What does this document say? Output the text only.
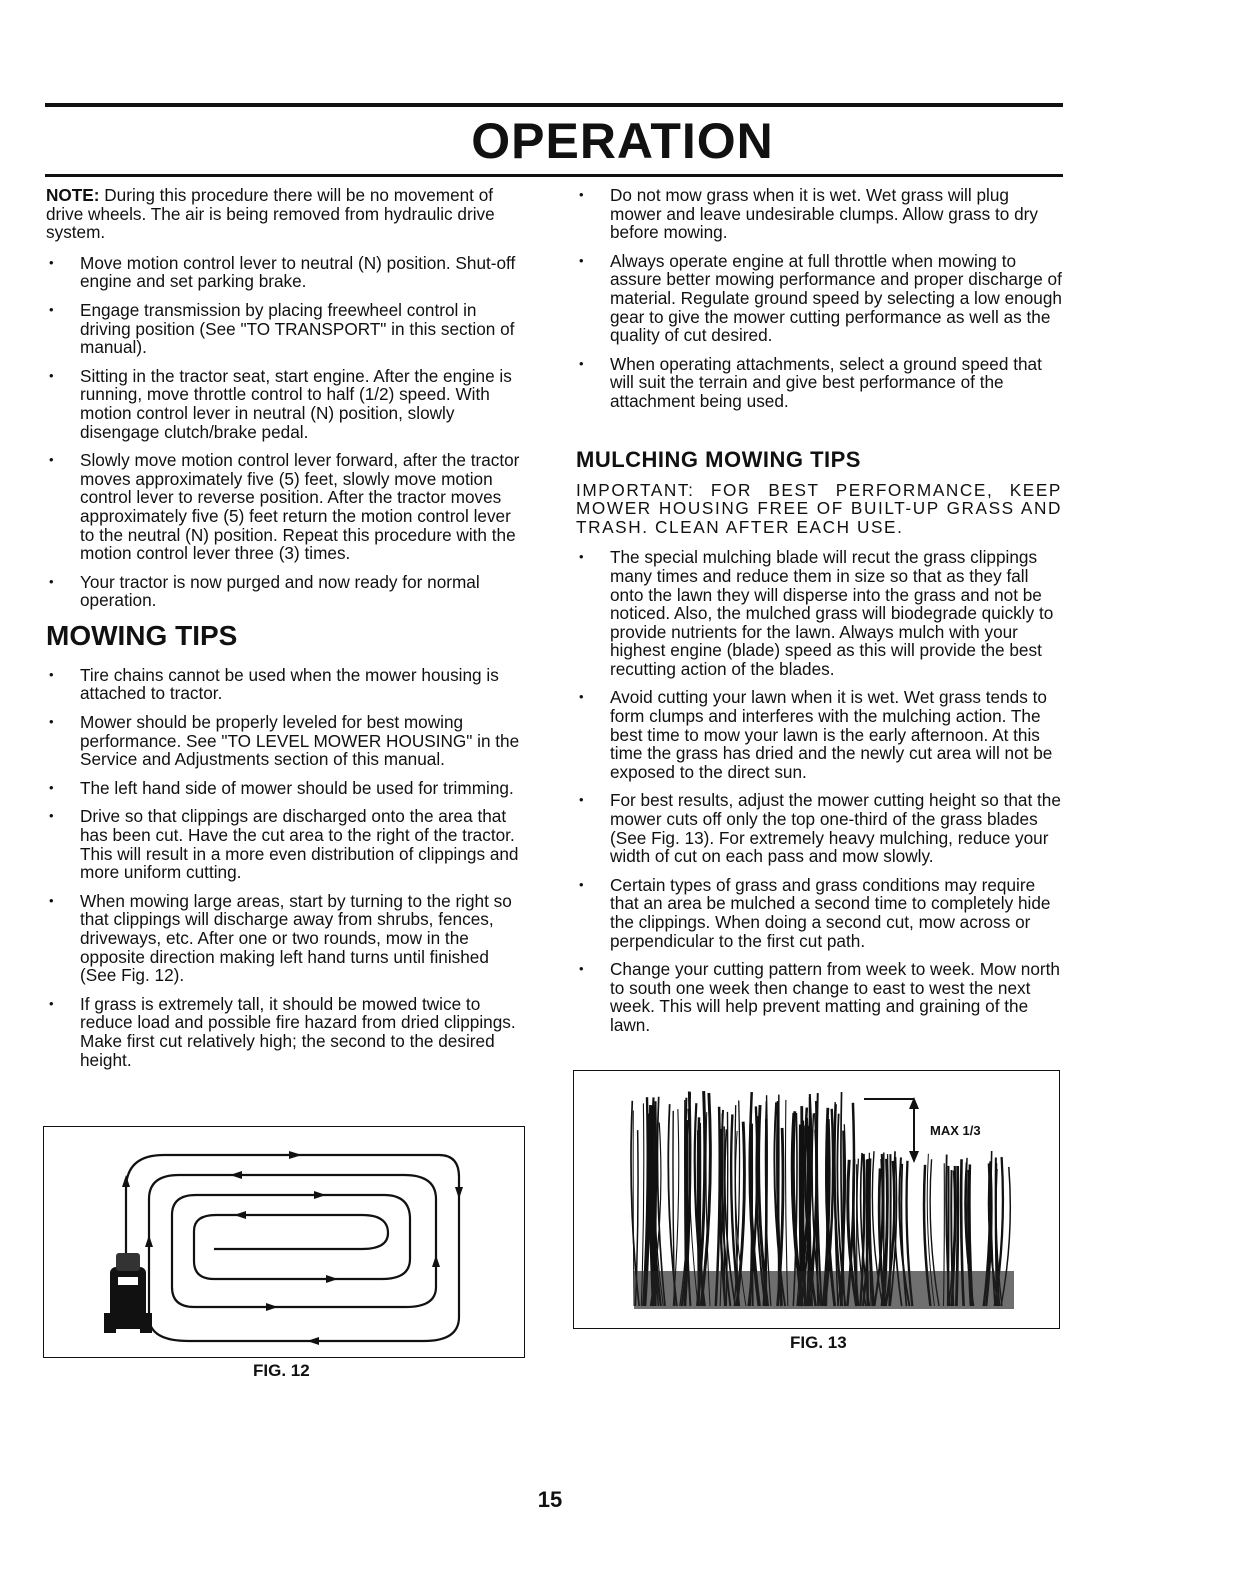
OPERATION

NOTE: During this procedure there will be no movement of drive wheels. The air is being removed from hydraulic drive system.

• Move motion control lever to neutral (N) position. Shut-off engine and set parking brake.
• Engage transmission by placing freewheel control in driving position (See "TO TRANSPORT" in this section of manual).
• Sitting in the tractor seat, start engine. After the engine is running, move throttle control to half (1/2) speed. With motion control lever in neutral (N) position, slowly disengage clutch/brake pedal.
• Slowly move motion control lever forward, after the tractor moves approximately five (5) feet, slowly move motion control lever to reverse position. After the tractor moves approximately five (5) feet return the motion control lever to the neutral (N) position. Repeat this procedure with the motion control lever three (3) times.
• Your tractor is now purged and now ready for normal operation.
MOWING TIPS
• Tire chains cannot be used when the mower housing is attached to tractor.
• Mower should be properly leveled for best mowing performance. See "TO LEVEL MOWER HOUSING" in the Service and Adjustments section of this manual.
• The left hand side of mower should be used for trimming.
• Drive so that clippings are discharged onto the area that has been cut. Have the cut area to the right of the tractor. This will result in a more even distribution of clippings and more uniform cutting.
• When mowing large areas, start by turning to the right so that clippings will discharge away from shrubs, fences, driveways, etc. After one or two rounds, mow in the opposite direction making left hand turns until finished (See Fig. 12).
• If grass is extremely tall, it should be mowed twice to reduce load and possible fire hazard from dried clippings. Make first cut relatively high; the second to the desired height.
• Do not mow grass when it is wet. Wet grass will plug mower and leave undesirable clumps. Allow grass to dry before mowing.
• Always operate engine at full throttle when mowing to assure better mowing performance and proper discharge of material. Regulate ground speed by selecting a low enough gear to give the mower cutting performance as well as the quality of cut desired.
• When operating attachments, select a ground speed that will suit the terrain and give best performance of the attachment being used.
MULCHING MOWING TIPS

IMPORTANT: FOR BEST PERFORMANCE, KEEP MOWER HOUSING FREE OF BUILT-UP GRASS AND TRASH. CLEAN AFTER EACH USE.

• The special mulching blade will recut the grass clippings many times and reduce them in size so that as they fall onto the lawn they will disperse into the grass and not be noticed. Also, the mulched grass will biodegrade quickly to provide nutrients for the lawn. Always mulch with your highest engine (blade) speed as this will provide the best recutting action of the blades.
• Avoid cutting your lawn when it is wet. Wet grass tends to form clumps and interferes with the mulching action. The best time to mow your lawn is the early afternoon. At this time the grass has dried and the newly cut area will not be exposed to the direct sun.
• For best results, adjust the mower cutting height so that the mower cuts off only the top one-third of the grass blades (See Fig. 13). For extremely heavy mulching, reduce your width of cut on each pass and mow slowly.
• Certain types of grass and grass conditions may require that an area be mulched a second time to completely hide the clippings. When doing a second cut, mow across or perpendicular to the first cut path.
• Change your cutting pattern from week to week. Mow north to south one week then change to east to west the next week. This will help prevent matting and graining of the lawn.
FIG. 12
MAX 1/3
FIG. 13
15
